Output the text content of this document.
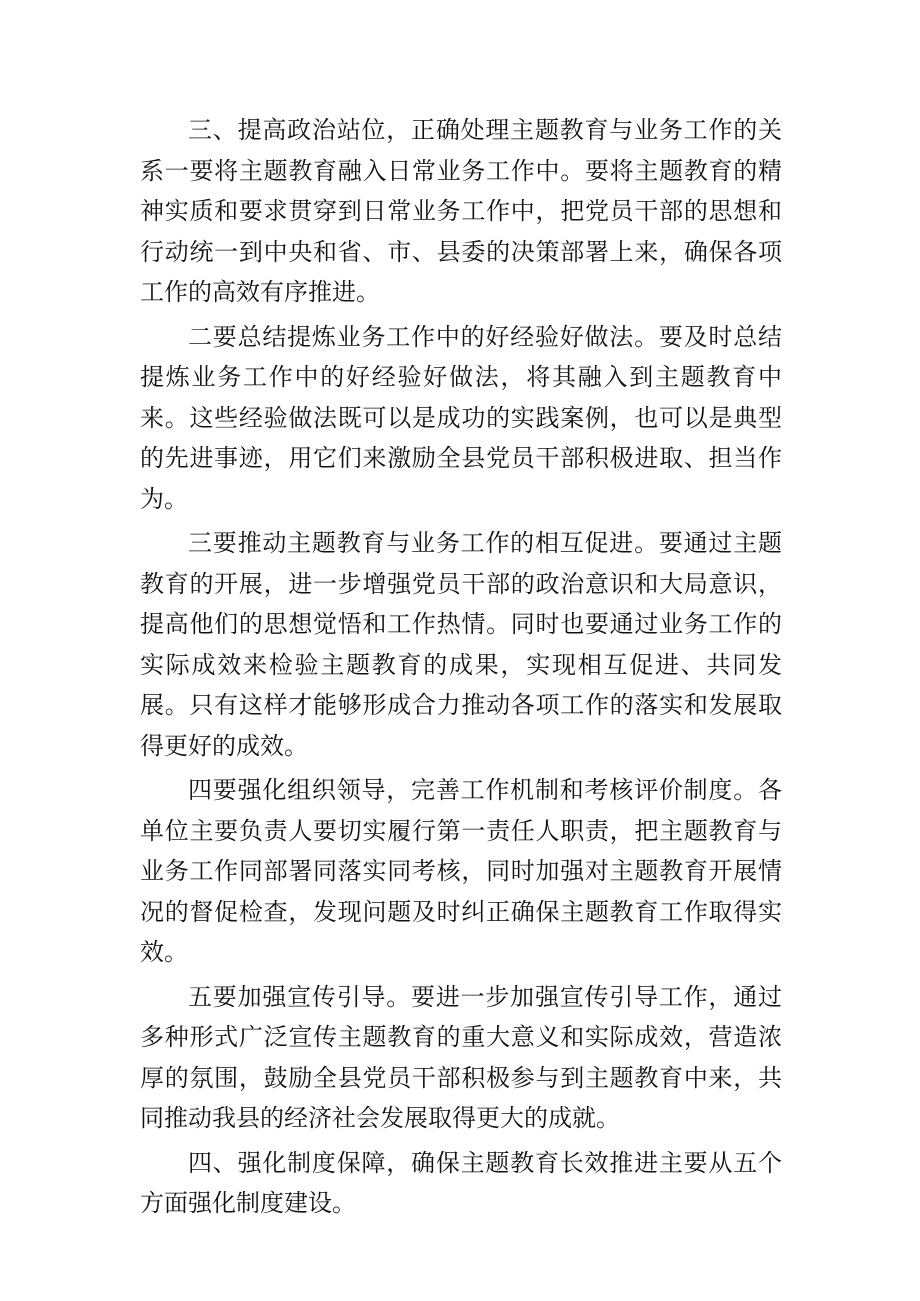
三、提高政治站位，正确处理主题教育与业务工作的关系一要将主题教育融入日常业务工作中。要将主题教育的精神实质和要求贯穿到日常业务工作中，把党员干部的思想和行动统一到中央和省、市、县委的决策部署上来，确保各项工作的高效有序推进。

二要总结提炼业务工作中的好经验好做法。要及时总结提炼业务工作中的好经验好做法，将其融入到主题教育中来。这些经验做法既可以是成功的实践案例，也可以是典型的先进事迹，用它们来激励全县党员干部积极进取、担当作为。

三要推动主题教育与业务工作的相互促进。要通过主题教育的开展，进一步增强党员干部的政治意识和大局意识，提高他们的思想觉悟和工作热情。同时也要通过业务工作的实际成效来检验主题教育的成果，实现相互促进、共同发展。只有这样才能够形成合力推动各项工作的落实和发展取得更好的成效。

四要强化组织领导，完善工作机制和考核评价制度。各单位主要负责人要切实履行第一责任人职责，把主题教育与业务工作同部署同落实同考核，同时加强对主题教育开展情况的督促检查，发现问题及时纠正确保主题教育工作取得实效。

五要加强宣传引导。要进一步加强宣传引导工作，通过多种形式广泛宣传主题教育的重大意义和实际成效，营造浓厚的氛围，鼓励全县党员干部积极参与到主题教育中来，共同推动我县的经济社会发展取得更大的成就。

四、强化制度保障，确保主题教育长效推进主要从五个方面强化制度建设。
